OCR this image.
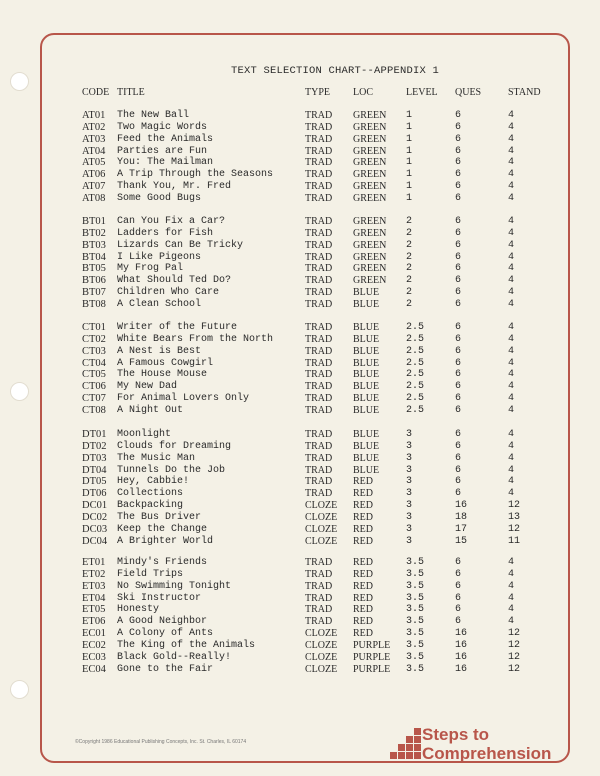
TEXT SELECTION CHART--APPENDIX 1
CODE TITLE	TYPE LOC	LEVEL QUES	STAND
AT01 The New Ball	TRAD GREEN 1	6	4
AT02 Two Magic Words	TRAD GREEN 1	6	4
AT03 Feed the Animals	TRAD GREEN 1	6	4
AT04 Parties are Fun	TRAD GREEN 1	6	4
AT05 You: The Mailman	TRAD GREEN 1	6	4
AT06 A Trip Through the Seasons	TRAD GREEN 1	6	4
AT07 Thank You, Mr. Fred	TRAD GREEN 1	6	4
AT08 Some Good Bugs	TRAD GREEN 1	6	4
BT01 Can You Fix a Car?	TRAD GREEN 2	6	4
BT02 Ladders for Fish	TRAD GREEN 2	6	4
BT03 Lizards Can Be Tricky	TRAD GREEN 2	6	4
BT04 I Like Pigeons	TRAD GREEN 2	6	4
BT05 My Frog Pal	TRAD GREEN 2	6	4
BT06 What Should Ted Do?	TRAD GREEN 2	6	4
BT07 Children Who Care	TRAD BLUE	2	6	4
BT08 A Clean School	TRAD BLUE	2	6	4
CT01 Writer of the Future	TRAD BLUE	2.5	6	4
CT02 White Bears From the North	TRAD BLUE	2.5	6	4
CT03 A Nest is Best	TRAD BLUE	2.5	6	4
CT04 A Famous Cowgirl	TRAD BLUE	2.5	6	4
CT05 The House Mouse	TRAD BLUE	2.5	6	4
CT06 My New Dad	TRAD BLUE	2.5	6	4
CT07 For Animal Lovers Only	TRAD BLUE	2.5	6	4
CT08 A Night Out	TRAD BLUE	2.5	6	4
DT01 Moonlight	TRAD BLUE	3	6	4
DT02 Clouds for Dreaming	TRAD BLUE	3	6	4
DT03 The Music Man	TRAD BLUE	3	6	4
DT04 Tunnels Do the Job	TRAD BLUE	3	6	4
DT05 Hey, Cabbie!	TRAD RED	3	6	4
DT06 Collections	TRAD RED	3	6	4
DC01 Backpacking	CLOZE RED	3	16	12
DC02 The Bus Driver	CLOZE RED	3	18	13
DC03 Keep the Change	CLOZE RED	3	17	12
DC04 A Brighter World	CLOZE RED	3	15	11
ET01 Mindy's Friends	TRAD RED	3.5	6	4
ET02 Field Trips	TRAD RED	3.5	6	4
ET03 No Swimming Tonight	TRAD RED	3.5	6	4
ET04 Ski Instructor	TRAD RED	3.5	6	4
ET05 Honesty	TRAD RED	3.5	6	4
ET06 A Good Neighbor	TRAD RED	3.5	6	4
EC01 A Colony of Ants	CLOZE RED	3.5	16	12
EC02 The King of the Animals	CLOZE PURPLE 3.5	16	12
EC03 Black Gold--Really!	CLOZE PURPLE 3.5	16	12
EC04 Gone to the Fair	CLOZE PURPLE 3.5	16	12
©Copyright 1986 Educational Publishing Concepts, Inc. St. Charles, IL 60174	Steps to
Comprehension
